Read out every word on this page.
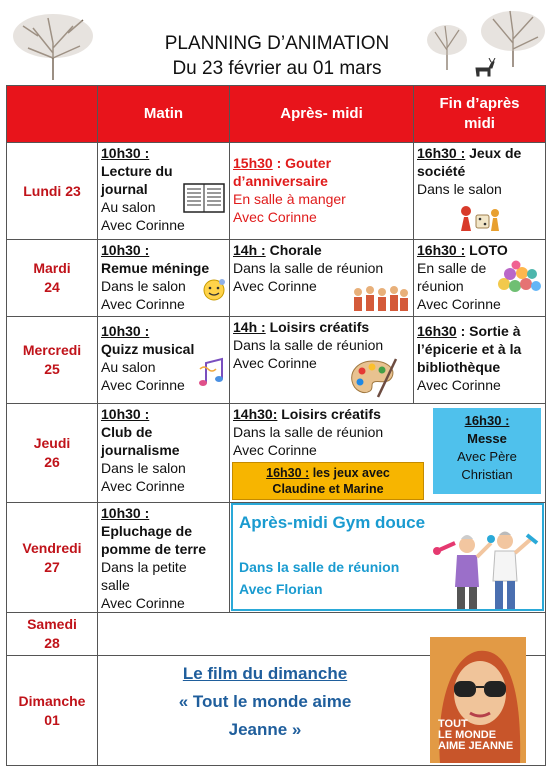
PLANNING D’ANIMATION
Du 23 février au 01 mars
Matin	Après- midi
Fin d’après midi
Lundi 23
Mardi
24
Mercredi
25
Jeudi
26
Vendredi
27
Samedi
28
Dimanche
01
10h30 :
Lecture du
journal
Au salon
Avec Corinne
15h30 : Gouter
d’anniversaire
En salle à manger
Avec Corinne
16h30 : Jeux de
société
Dans le salon
10h30 :
Remue méninge
Dans le salon
Avec Corinne
14h : Chorale
Dans la salle de réunion
Avec Corinne
16h30 : LOTO
En salle de
réunion
Avec Corinne
10h30 :
Quizz musical
Au salon
Avec Corinne
14h : Loisirs créatifs
Dans la salle de réunion
Avec Corinne
16h30 : Sortie à
l’épicerie et à la
bibliothèque
Avec Corinne
10h30 :
Club de
journalisme
Dans le salon
Avec Corinne
14h30: Loisirs créatifs
Dans la salle de réunion
Avec Corinne
10h30 :
Epluchage de
pomme de terre
Dans la petite
salle
Avec Corinne
16h30 : les jeux avec
Claudine et Marine
16h30 :
Messe
Avec Père
Christian
Après-midi Gym douce
Dans la salle de réunion
Avec Florian
Le film du dimanche
« Tout le monde aime
Jeanne »	TOUT
LE MONDE
AIME JEANNE
